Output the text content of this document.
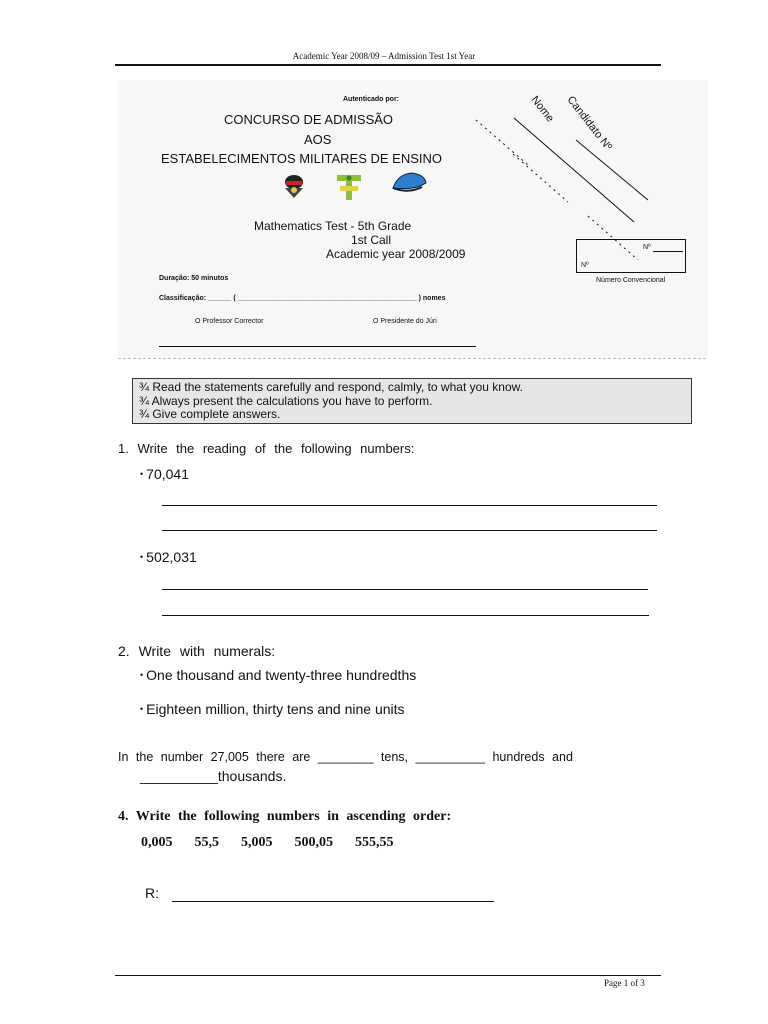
Academic Year 2008/09 – Admission Test 1st Year
Autenticado por:
CONCURSO DE ADMISSÃO
AOS
ESTABELECIMENTOS MILITARES DE ENSINO
Mathematics Test - 5th Grade
1st Call
Academic year 2008/2009
Duração: 50 minutos
Classificação: ______ ( ______________________________________________ ) nomes
O Professor Corrector	O Presidente do Júri
Nome Candidato Nº
Nº
Nº
Número Convencional
¾ Read the statements carefully and respond, calmly, to what you know.
¾ Always present the calculations you have to perform.
¾ Give complete answers.
1. Write the reading of the following numbers:
• 70,041
• 502,031
2. Write with numerals:
• One thousand and twenty-three hundredths
• Eighteen million, thirty tens and nine units
In the number 27,005 there are ________ tens, __________ hundreds and
__________thousands.
4. Write the following numbers in ascending order:
0,005 55,5 5,005 500,05 555,55
R:
Page 1 of 3
